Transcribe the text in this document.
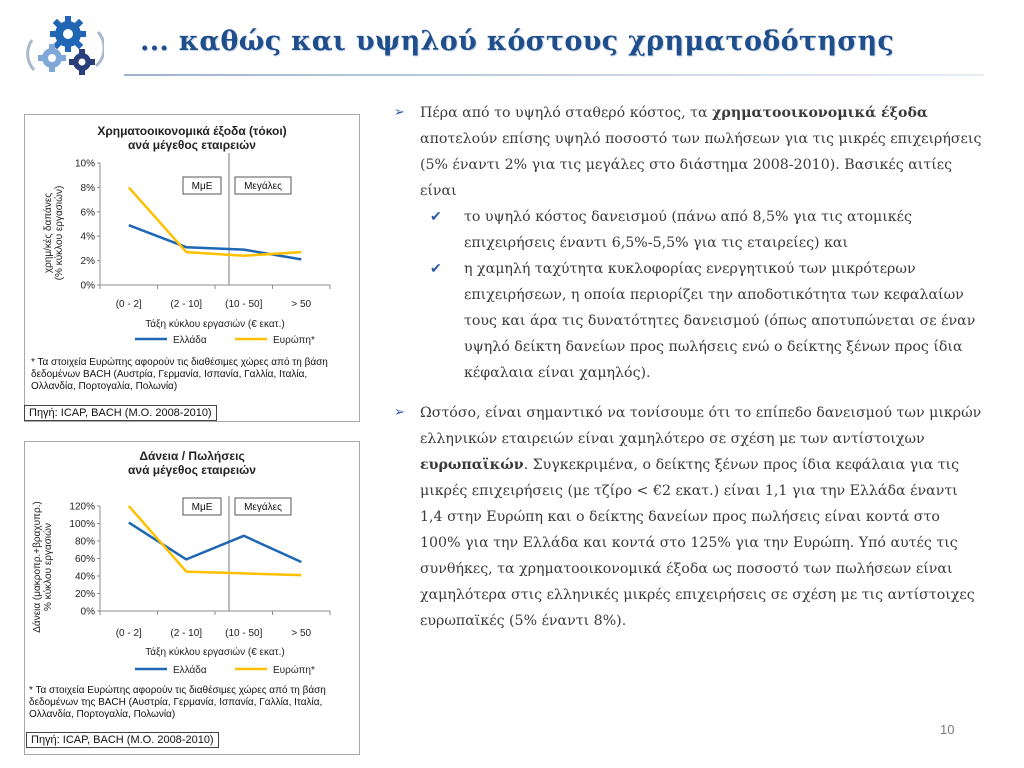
... καθώς και υψηλού κόστους χρηματοδότησης
Χρηματοοικονομικά έξοδα (τόκοι)
ανά μέγεθος εταιρειών
χρημ/κές δαπάνες (% κύκλου εργασιών)
0%
2%
4%
6%
8%
10%
(0 - 2]	(2 - 10] (10 - 50]	> 50
Τάξη κύκλου εργασιών (€ εκατ.)
ΜμΕ	Μεγάλες
Ελλάδα	Ευρώπη*
* Τα στοιχεία Ευρώπης αφορούν τις διαθέσιμες χώρες από τη βάση δεδομένων BACH (Αυστρία, Γερμανία, Ισπανία, Γαλλία, Ιταλία, Ολλανδία, Πορτογαλία, Πολωνία)
Πηγή: ICAP, BACH (Μ.Ο. 2008-2010)
Δάνεια / Πωλήσεις
ανά μέγεθος εταιρειών
Δάνεια (μακροπρ.+βραχυπρ.) % κύκλου εργασιών
0%
20%
40%
60%
80%
100%
120%
(0 - 2]	(2 - 10] (10 - 50]	> 50
Τάξη κύκλου εργασιών (€ εκατ.)
ΜμΕ	Μεγάλες
Ελλάδα	Ευρώπη*
* Τα στοιχεία Ευρώπης αφορούν τις διαθέσιμες χώρες από τη βάση δεδομένων της BACH (Αυστρία, Γερμανία, Ισπανία, Γαλλία, Ιταλία, Ολλανδία, Πορτογαλία, Πολωνία)
Πηγή: ICAP, BACH (Μ.Ο. 2008-2010)
➢ Πέρα από το υψηλό σταθερό κόστος, τα χρηματοοικονομικά έξοδα αποτελούν επίσης υψηλό ποσοστό των πωλήσεων για τις μικρές επιχειρήσεις (5% έναντι 2% για τις μεγάλες στο διάστημα 2008-2010). Βασικές αιτίες είναι
✔ το υψηλό κόστος δανεισμού (πάνω από 8,5% για τις ατομικές επιχειρήσεις έναντι 6,5%-5,5% για τις εταιρείες) και
✔ η χαμηλή ταχύτητα κυκλοφορίας ενεργητικού των μικρότερων επιχειρήσεων, η οποία περιορίζει την αποδοτικότητα των κεφαλαίων τους και άρα τις δυνατότητες δανεισμού (όπως αποτυπώνεται σε έναν υψηλό δείκτη δανείων προς πωλήσεις ενώ ο δείκτης ξένων προς ίδια κέφαλαια είναι χαμηλός).
➢ Ωστόσο, είναι σημαντικό να τονίσουμε ότι το επίπεδο δανεισμού των μικρών ελληνικών εταιρειών είναι χαμηλότερο σε σχέση με των αντίστοιχων ευρωπαϊκών. Συγκεκριμένα, ο δείκτης ξένων προς ίδια κεφάλαια για τις μικρές επιχειρήσεις (με τζίρο < €2 εκατ.) είναι 1,1 για την Ελλάδα έναντι 1,4 στην Ευρώπη και ο δείκτης δανείων προς πωλήσεις είναι κοντά στο 100% για την Ελλάδα και κοντά στο 125% για την Ευρώπη. Υπό αυτές τις συνθήκες, τα χρηματοοικονομικά έξοδα ως ποσοστό των πωλήσεων είναι χαμηλότερα στις ελληνικές μικρές επιχειρήσεις σε σχέση με τις αντίστοιχες ευρωπαϊκές (5% έναντι 8%).
10
